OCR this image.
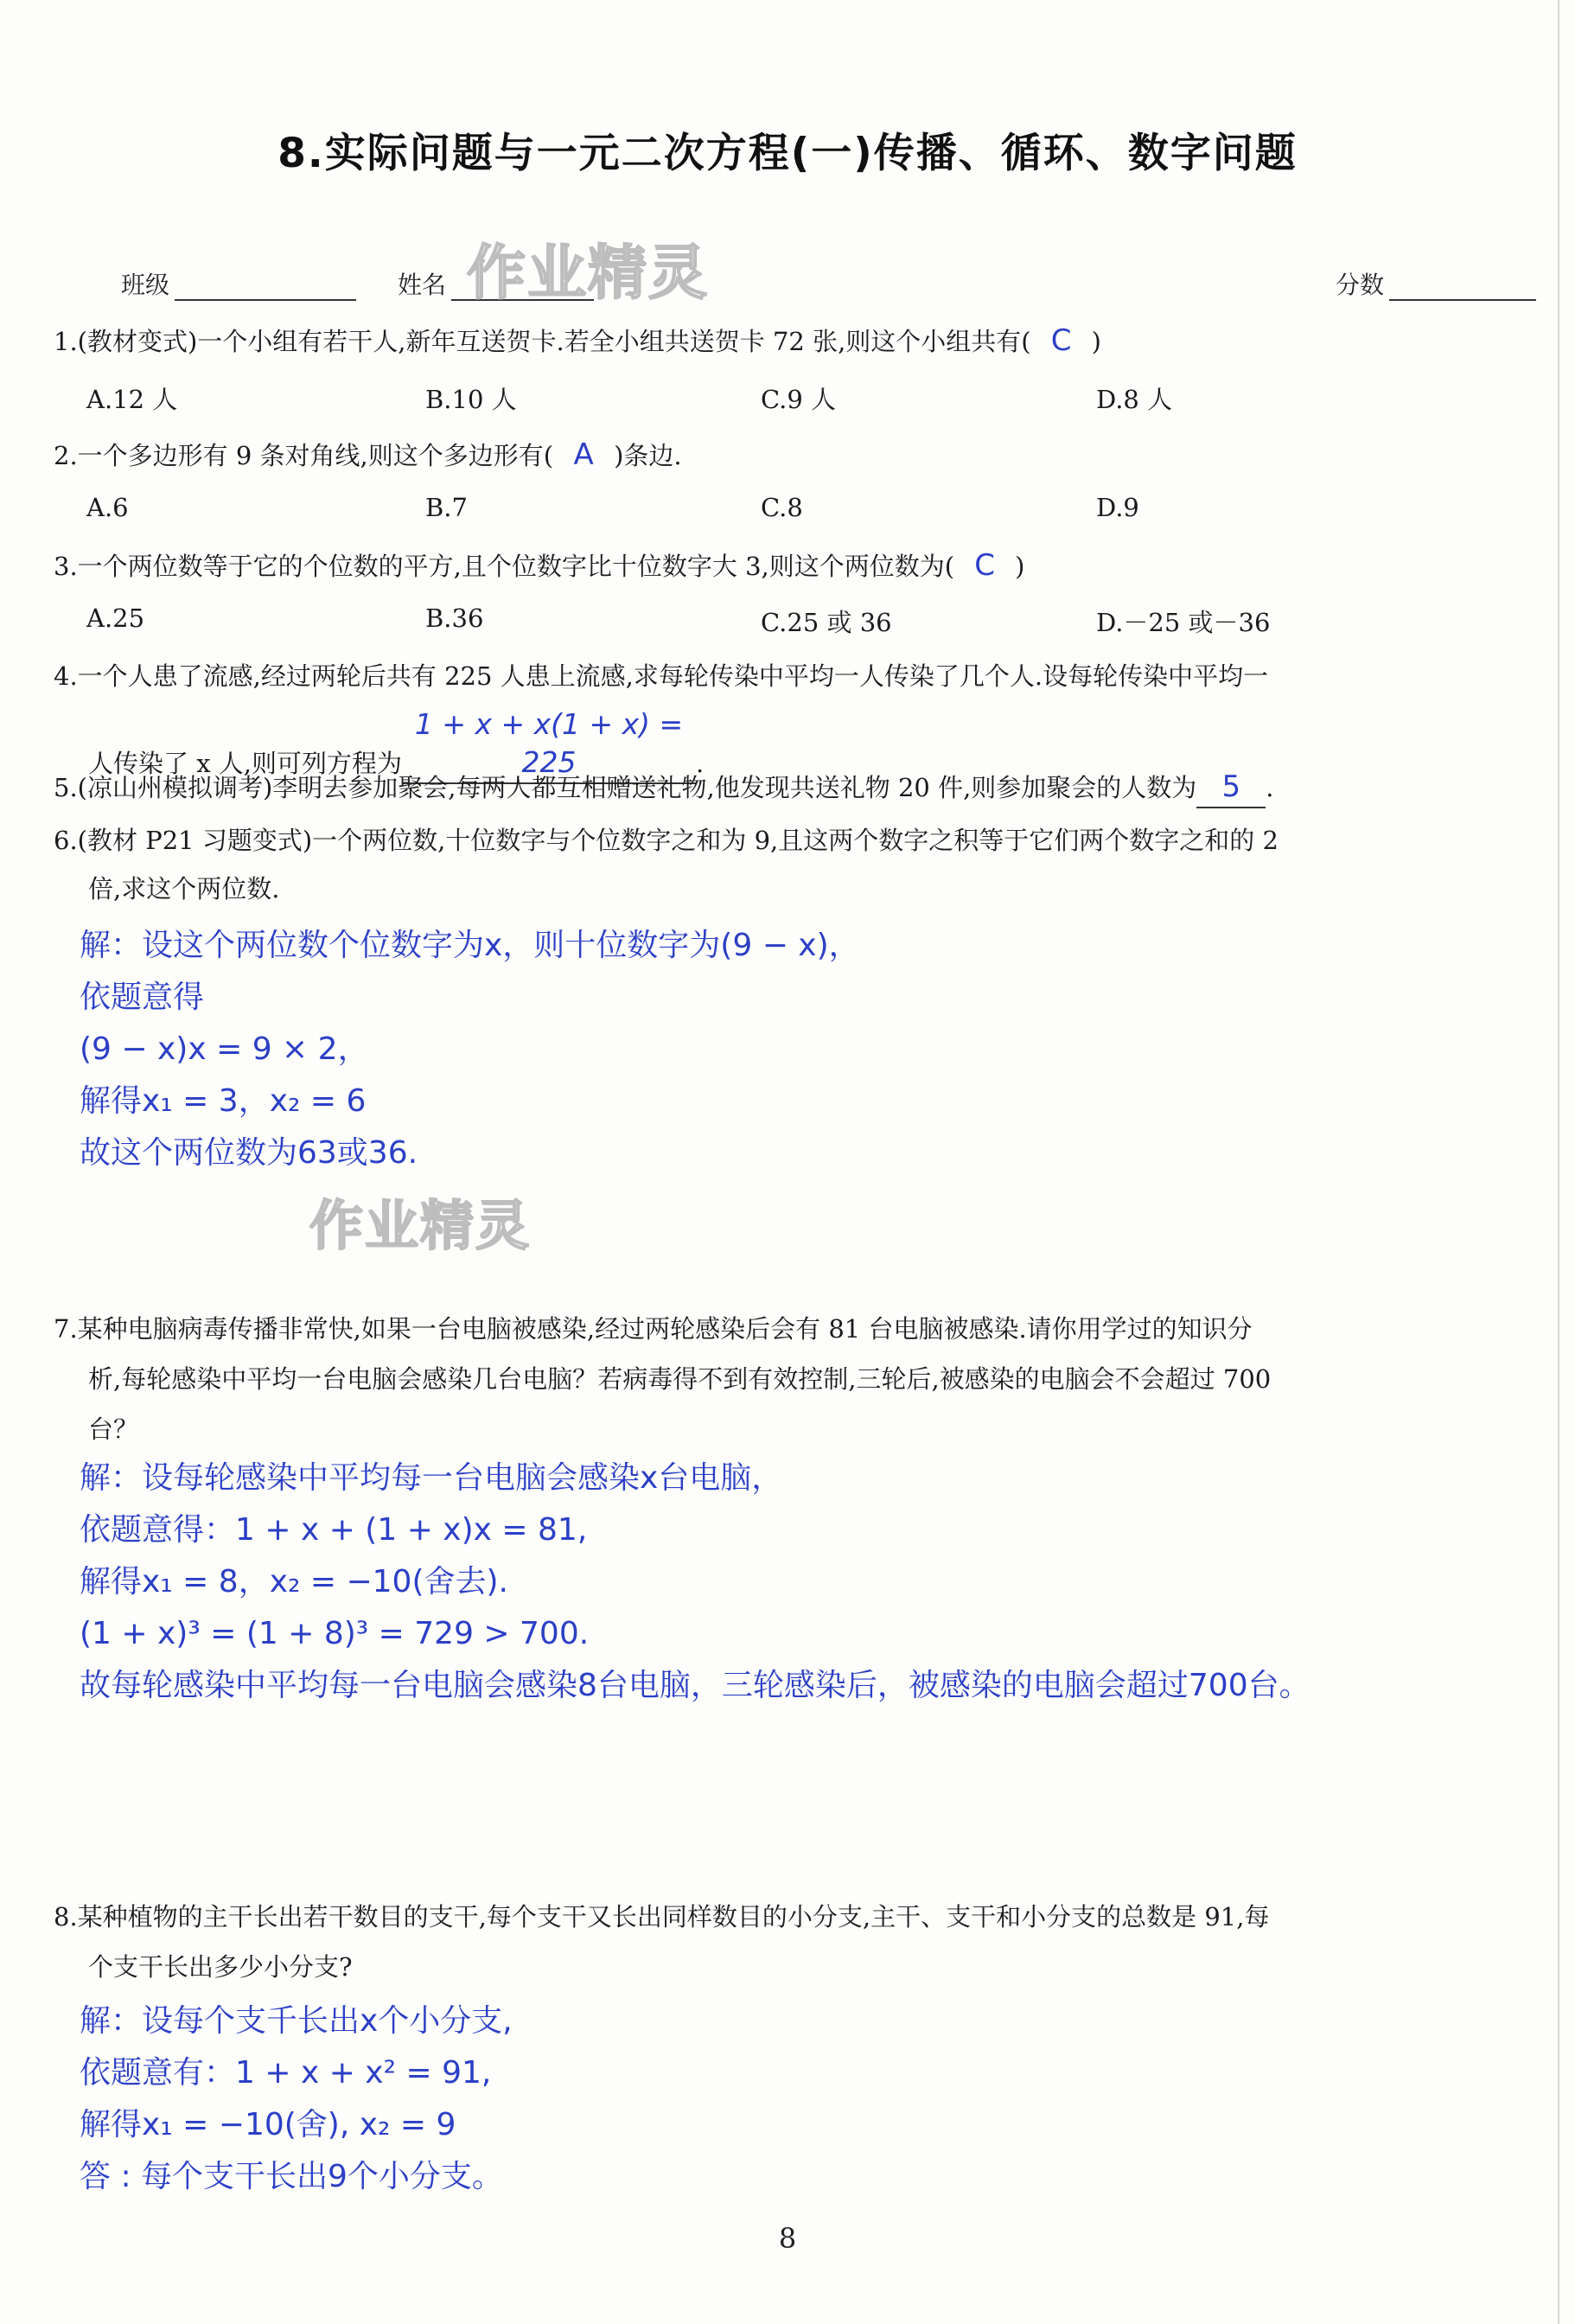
8.实际问题与一元二次方程(一)传播、循环、数字问题
班级	姓名	分数
作业精灵
作业精灵
1.(教材变式)一个小组有若干人,新年互送贺卡.若全小组共送贺卡 72 张,则这个小组共有( C )
A.12 人	B.10 人	C.9 人	D.8 人
2.一个多边形有 9 条对角线,则这个多边形有( A )条边.
A.6	B.7	C.8	D.9
3.一个两位数等于它的个位数的平方,且个位数字比十位数字大 3,则这个两位数为( C )
A.25	B.36	C.25 或 36	D.－25 或－36
4.一个人患了流感,经过两轮后共有 225 人患上流感,求每轮传染中平均一人传染了几个人.设每轮传染中平均一
人传染了 x 人,则可列方程为1 + x + x(1 + x) = 225	.
5.(凉山州模拟调考)李明去参加聚会,每两人都互相赠送礼物,他发现共送礼物 20 件,则参加聚会的人数为 5 .
6.(教材 P21 习题变式)一个两位数,十位数字与个位数字之和为 9,且这两个数字之积等于它们两个数字之和的 2
倍,求这个两位数.
解：设这个两位数个位数字为x，则十位数字为(9 − x)，
依题意得
(9 − x)x = 9 × 2，
解得x₁ = 3，x₂ = 6
故这个两位数为63或36.
7.某种电脑病毒传播非常快,如果一台电脑被感染,经过两轮感染后会有 81 台电脑被感染.请你用学过的知识分
析,每轮感染中平均一台电脑会感染几台电脑？若病毒得不到有效控制,三轮后,被感染的电脑会不会超过 700
台？
解：设每轮感染中平均每一台电脑会感染x台电脑，
依题意得：1 + x + (1 + x)x = 81,
解得x₁ = 8，x₂ = −10(舍去).
(1 + x)³ = (1 + 8)³ = 729 > 700.
故每轮感染中平均每一台电脑会感染8台电脑，三轮感染后，被感染的电脑会超过700台。
8.某种植物的主干长出若干数目的支干,每个支干又长出同样数目的小分支,主干、支干和小分支的总数是 91,每
个支干长出多少小分支?
解：设每个支千长出x个小分支,
依题意有：1 + x + x² = 91,
解得x₁ = −10(舍), x₂ = 9
答 : 每个支干长出9个小分支。
8
